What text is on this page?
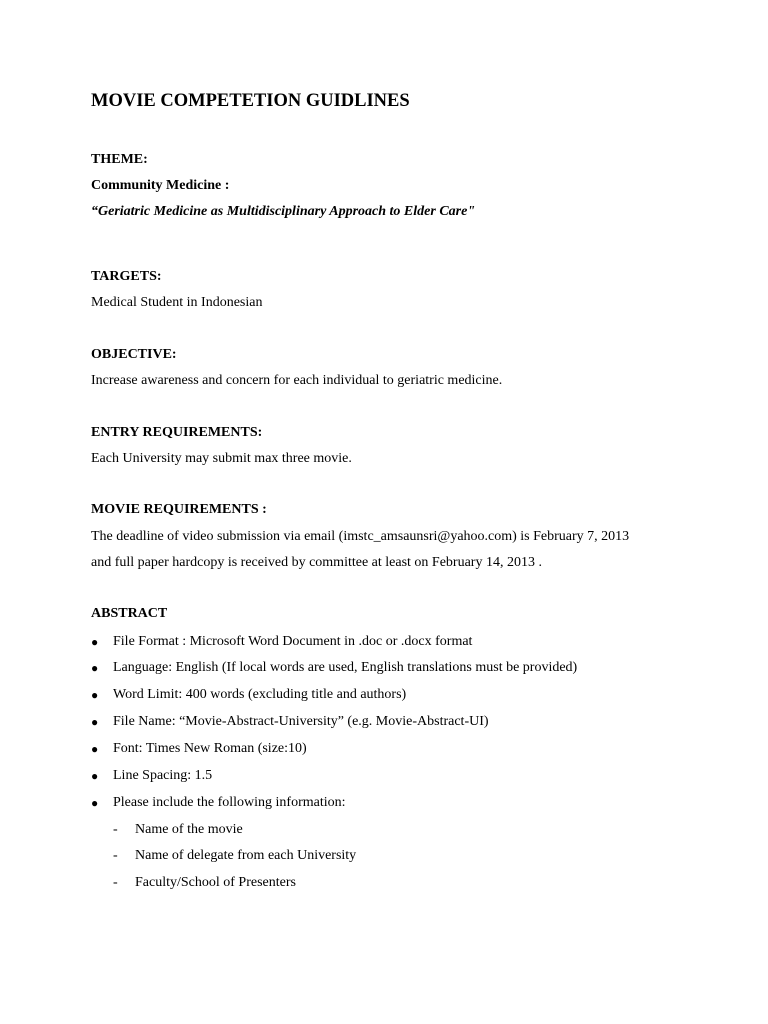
MOVIE COMPETETION GUIDLINES
THEME:
Community Medicine :
“Geriatric Medicine as Multidisciplinary Approach to Elder Care"
TARGETS:
Medical Student in Indonesian
OBJECTIVE:
Increase awareness and concern for each individual to geriatric medicine.
ENTRY REQUIREMENTS:
Each University may submit max three movie.
MOVIE REQUIREMENTS :
The deadline of video submission via email (imstc_amsaunsri@yahoo.com) is February 7, 2013
and full paper hardcopy is received by committee at least on February 14, 2013 .
ABSTRACT
● File Format : Microsoft Word Document in .doc or .docx format
● Language: English (If local words are used, English translations must be provided)
● Word Limit: 400 words (excluding title and authors)
● File Name: “Movie-Abstract-University” (e.g. Movie-Abstract-UI)
● Font: Times New Roman (size:10)
● Line Spacing: 1.5
● Please include the following information:
- Name of the movie
- Name of delegate from each University
- Faculty/School of Presenters
